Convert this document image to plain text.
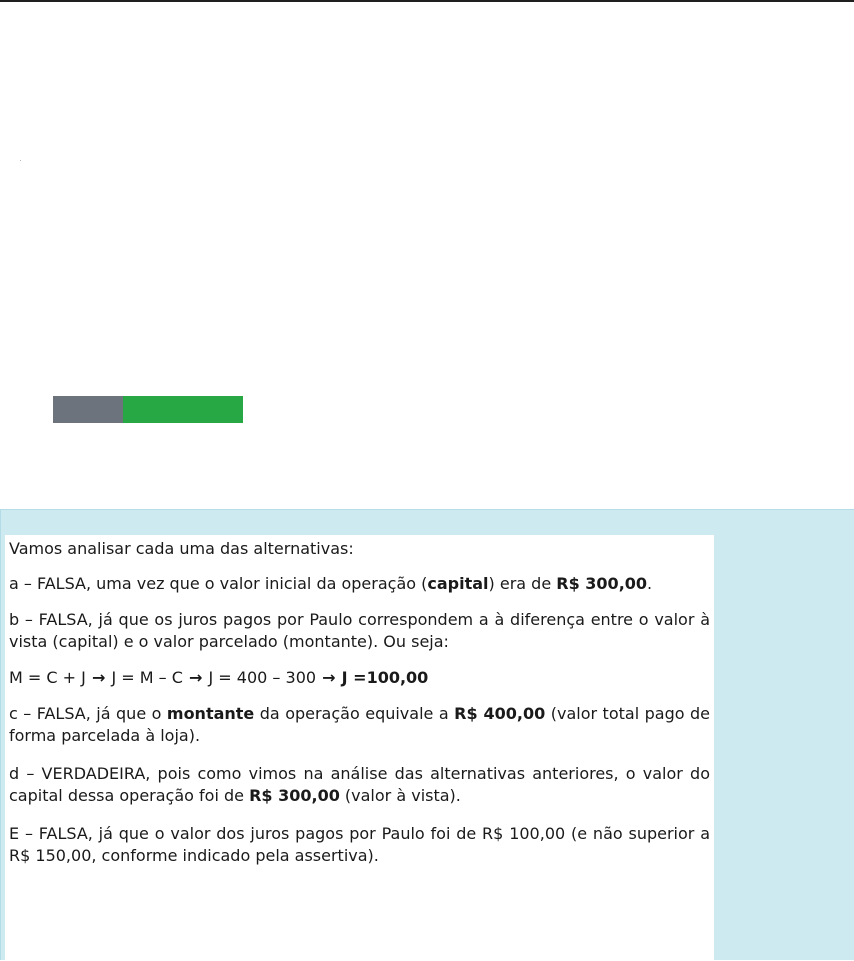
Vamos analisar cada uma das alternativas:

a – FALSA, uma vez que o valor inicial da operação (capital) era de R$ 300,00.

b – FALSA, já que os juros pagos por Paulo correspondem a à diferença entre o valor à vista (capital) e o valor parcelado (montante). Ou seja:

M = C + J → J = M – C → J = 400 – 300 → J =100,00

c – FALSA, já que o montante da operação equivale a R$ 400,00 (valor total pago de forma parcelada à loja).

d – VERDADEIRA, pois como vimos na análise das alternativas anteriores, o valor do capital dessa operação foi de R$ 300,00 (valor à vista).

E – FALSA, já que o valor dos juros pagos por Paulo foi de R$ 100,00 (e não superior a R$ 150,00, conforme indicado pela assertiva).
